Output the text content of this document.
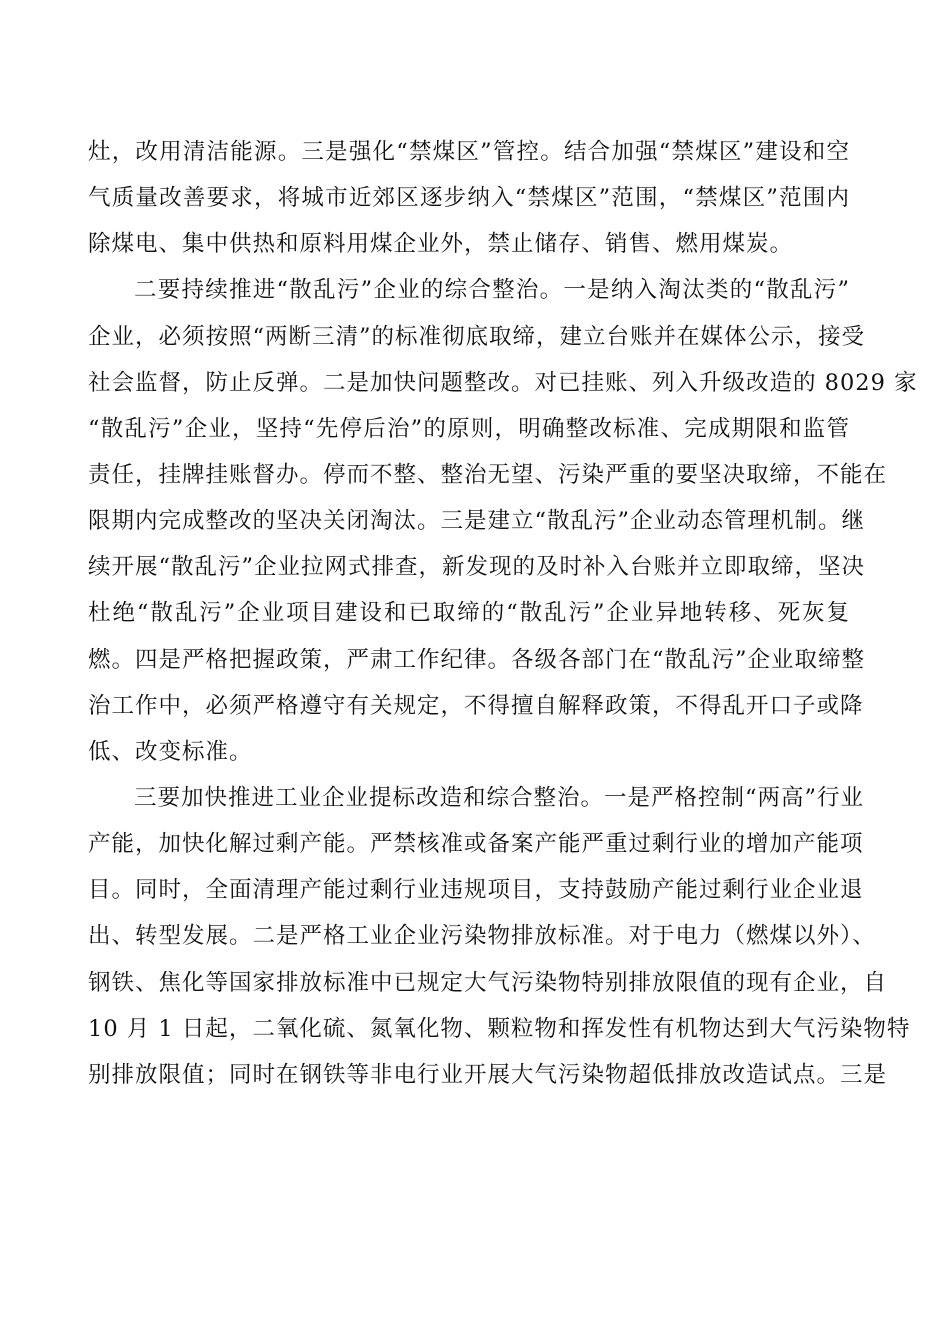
灶，改用清洁能源。三是强化“禁煤区”管控。结合加强“禁煤区”建设和空
气质量改善要求，将城市近郊区逐步纳入“禁煤区”范围，“禁煤区”范围内
除煤电、集中供热和原料用煤企业外，禁止储存、销售、燃用煤炭。
二要持续推进“散乱污”企业的综合整治。一是纳入淘汰类的“散乱污”
企业，必须按照“两断三清”的标准彻底取缔，建立台账并在媒体公示，接受
社会监督，防止反弹。二是加快问题整改。对已挂账、列入升级改造的 8029 家
“散乱污”企业，坚持“先停后治”的原则，明确整改标准、完成期限和监管
责任，挂牌挂账督办。停而不整、整治无望、污染严重的要坚决取缔，不能在
限期内完成整改的坚决关闭淘汰。三是建立“散乱污”企业动态管理机制。继
续开展“散乱污”企业拉网式排查，新发现的及时补入台账并立即取缔，坚决
杜绝“散乱污”企业项目建设和已取缔的“散乱污”企业异地转移、死灰复
燃。四是严格把握政策，严肃工作纪律。各级各部门在“散乱污”企业取缔整
治工作中，必须严格遵守有关规定，不得擅自解释政策，不得乱开口子或降
低、改变标准。
三要加快推进工业企业提标改造和综合整治。一是严格控制“两高”行业
产能，加快化解过剩产能。严禁核准或备案产能严重过剩行业的增加产能项
目。同时，全面清理产能过剩行业违规项目，支持鼓励产能过剩行业企业退
出、转型发展。二是严格工业企业污染物排放标准。对于电力（燃煤以外）、
钢铁、焦化等国家排放标准中已规定大气污染物特别排放限值的现有企业，自
10 月 1 日起，二氧化硫、氮氧化物、颗粒物和挥发性有机物达到大气污染物特
别排放限值；同时在钢铁等非电行业开展大气污染物超低排放改造试点。三是
